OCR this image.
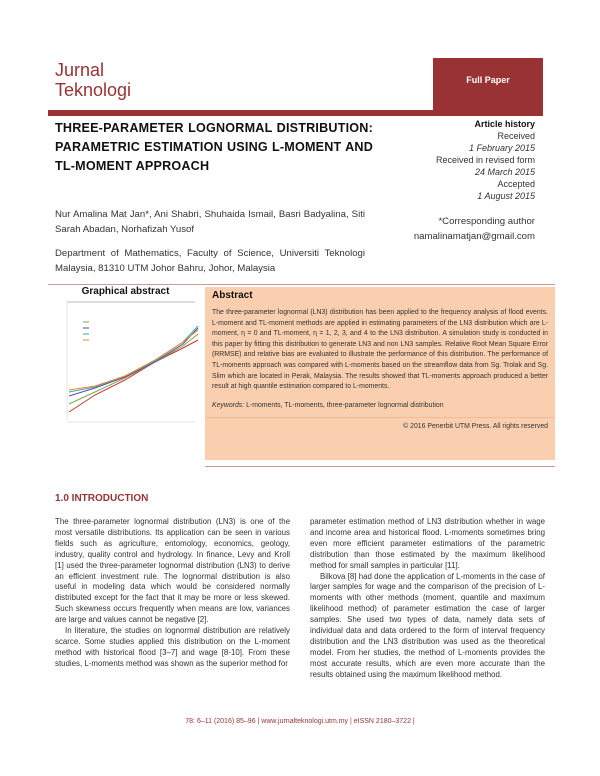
Jurnal
Teknologi	Full Paper
THREE-PARAMETER LOGNORMAL DISTRIBUTION: PARAMETRIC ESTIMATION USING L-MOMENT AND TL-MOMENT APPROACH
Article history
Received
1 February 2015
Received in revised form
24 March 2015
Accepted
1 August 2015
Nur Amalina Mat Jan*, Ani Shabri, Shuhaida Ismail, Basri Badyalina, Siti Sarah Abadan, Norhafizah Yusof
*Corresponding author
namalinamatjan@gmail.com
Department of Mathematics, Faculty of Science, Universiti Teknologi Malaysia, 81310 UTM Johor Bahru, Johor, Malaysia
Graphical abstract	Abstract
The three-parameter lognormal (LN3) distribution has been applied to the frequency analysis of flood events. L-moment and TL-moment methods are applied in estimating parameters of the LN3 distribution which are L-moment, η = 0 and TL-moment, η = 1, 2, 3, and 4 to the LN3 distribution. A simulation study is conducted in this paper by fitting this distribution to generate LN3 and non LN3 samples. Relative Root Mean Square Error (RRMSE) and relative bias are evaluated to illustrate the performance of this distribution. The performance of TL-moments approach was compared with L-moments based on the streamflow data from Sg. Trolak and Sg. Slim which are located in Perak, Malaysia. The results showed that TL-moments approach produced a better result at high quantile estimation compared to L-moments.
Keywords: L-moments, TL-moments, three-parameter lognormal distribution
© 2016 Penerbit UTM Press. All rights reserved
1.0 INTRODUCTION

The three-parameter lognormal distribution (LN3) is one of the most versatile distributions. Its application can be seen in various fields such as agriculture, entomology, economics, geology, industry, quality control and hydrology. In finance, Levy and Kroll [1] used the three-parameter lognormal distribution (LN3) to derive an efficient investment rule. The lognormal distribution is also useful in modeling data which would be considered normally distributed except for the fact that it may be more or less skewed. Such skewness occurs frequently when means are low, variances are large and values cannot be negative [2].

In literature, the studies on lognormal distribution are relatively scarce. Some studies applied this distribution on the L-moment method with historical flood [3–7] and wage [8-10]. From these studies, L-moments method was shown as the superior method for

parameter estimation method of LN3 distribution whether in wage and income area and historical flood. L-moments sometimes bring even more efficient parameter estimations of the parametric distribution than those estimated by the maximum likelihood method for small samples in particular [11].

Bilkova [8] had done the application of L-moments in the case of larger samples for wage and the comparison of the precision of L-moments with other methods (moment, quantile and maximum likelihood method) of parameter estimation the case of larger samples. She used two types of data, namely data sets of individual data and data ordered to the form of interval frequency distribution and the LN3 distribution was used as the theoretical model. From her studies, the method of L-moments provides the most accurate results, which are even more accurate than the results obtained using the maximum likelihood method.

78: 6–11 (2016) 85–96 | www.jurnalteknologi.utm.my | eISSN 2180–3722 |
